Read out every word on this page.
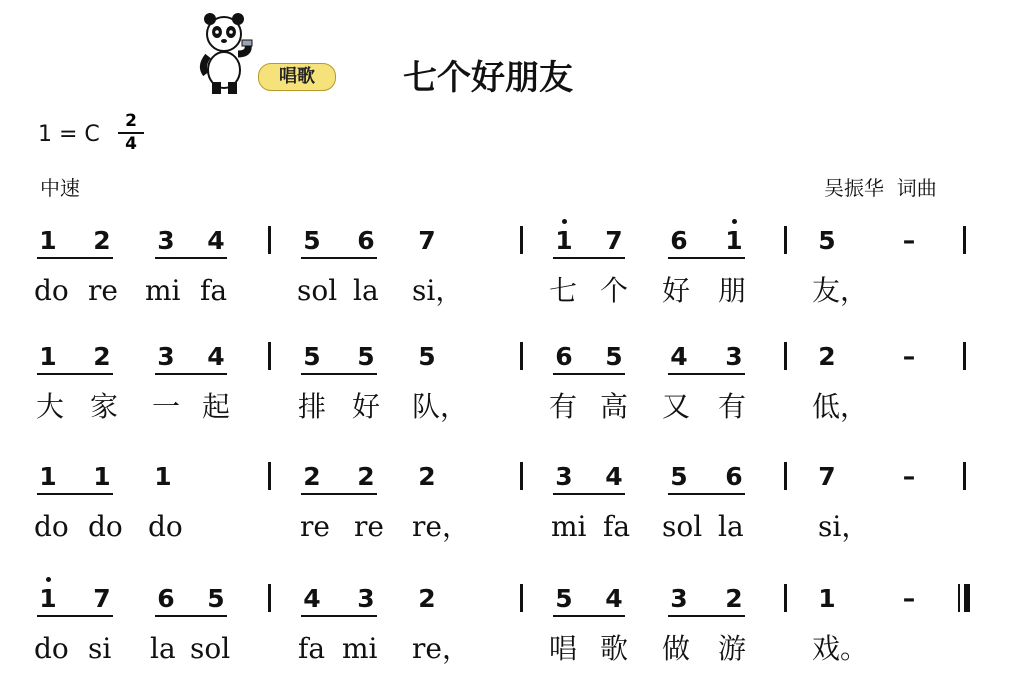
唱歌	七个好朋友
1 = C
2
4
中速	吴振华  词曲
1 2 3 4	5 6 7	1 7 6 1	5	–
do re mi fa sol la si，	七 个 好 朋 友，
1 2 3 4	5 5 5	6 5 4 3	2	–
大 家 一 起 排 好 队，	有 高 又 有 低，
1 1 1	2 2 2	3 4 5 6	7	–
do do do	re re re，	mi fa sol la	si，
1 7 6 5	4 3 2	5 4 3 2	1	–
do si la sol fa mi re，	唱 歌 做 游 戏。
